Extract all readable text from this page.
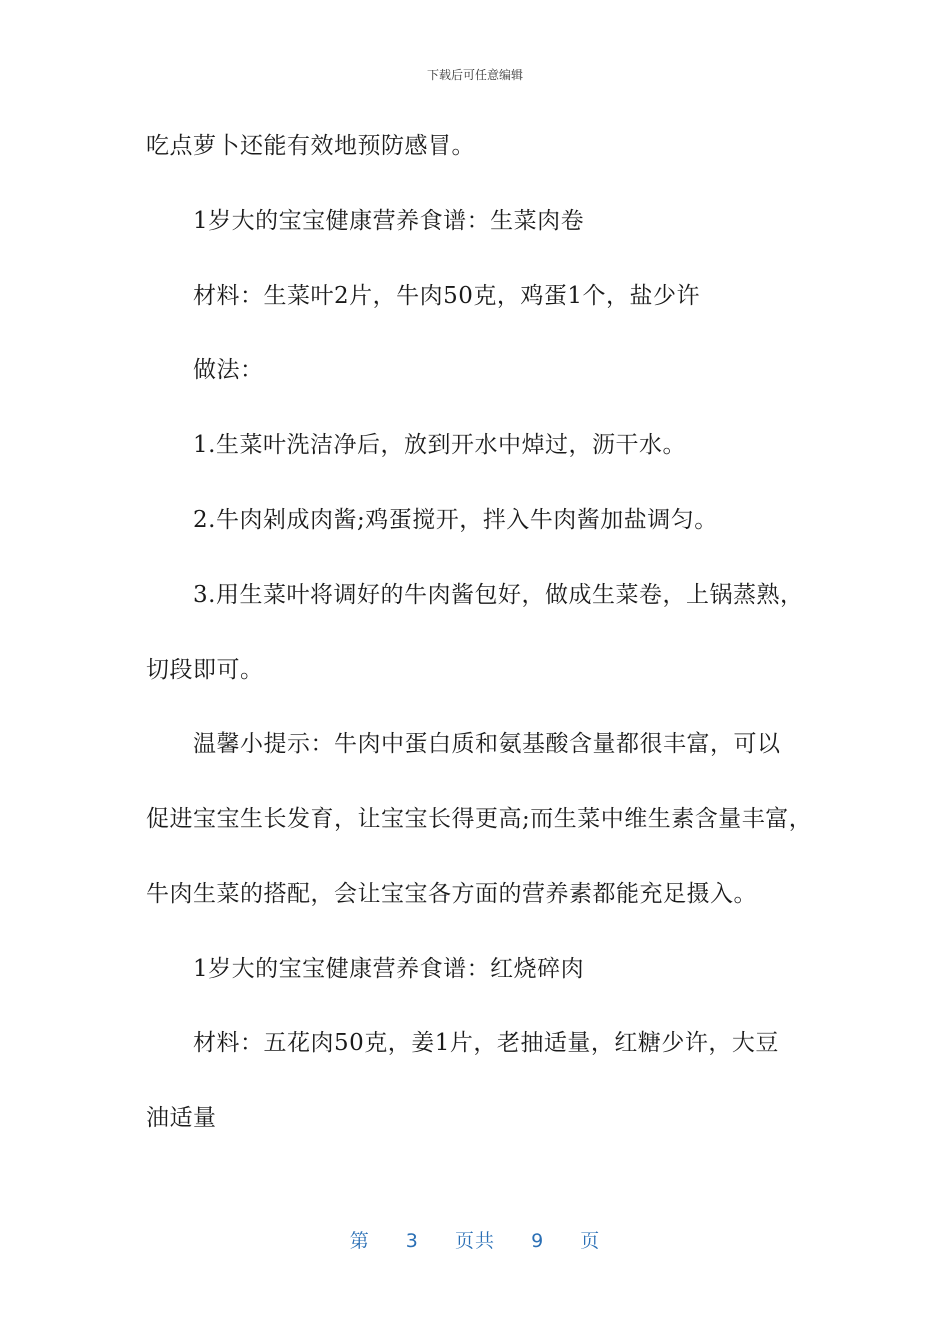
下载后可任意编辑
吃点萝卜还能有效地预防感冒。
1岁大的宝宝健康营养食谱：生菜肉卷
材料：生菜叶2片，牛肉50克，鸡蛋1个，盐少许
做法：
1.生菜叶洗洁净后，放到开水中焯过，沥干水。
2.牛肉剁成肉酱;鸡蛋搅开，拌入牛肉酱加盐调匀。
3.用生菜叶将调好的牛肉酱包好，做成生菜卷，上锅蒸熟，
切段即可。
温馨小提示：牛肉中蛋白质和氨基酸含量都很丰富，可以
促进宝宝生长发育，让宝宝长得更高;而生菜中维生素含量丰富，
牛肉生菜的搭配，会让宝宝各方面的营养素都能充足摄入。
1岁大的宝宝健康营养食谱：红烧碎肉
材料：五花肉50克，姜1片，老抽适量，红糖少许，大豆
油适量
第 3 页共 9 页
